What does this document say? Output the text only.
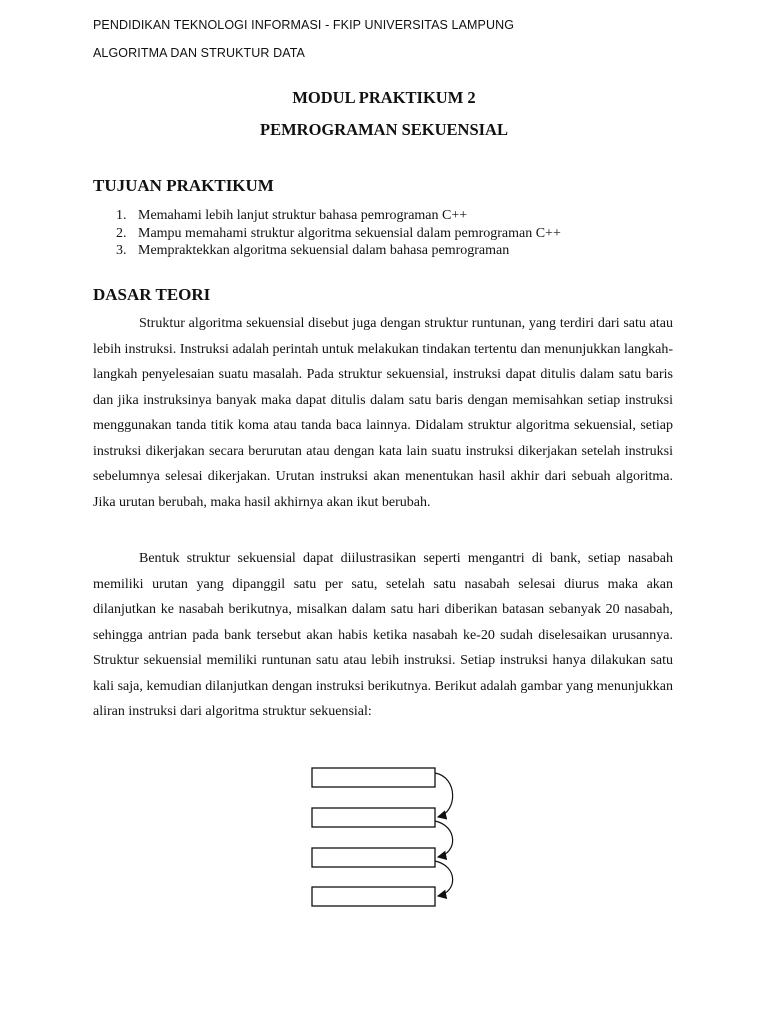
PENDIDIKAN TEKNOLOGI INFORMASI - FKIP UNIVERSITAS LAMPUNG
ALGORITMA DAN STRUKTUR DATA
MODUL PRAKTIKUM 2
PEMROGRAMAN SEKUENSIAL
TUJUAN PRAKTIKUM
1. Memahami lebih lanjut struktur bahasa pemrograman C++
2. Mampu memahami struktur algoritma sekuensial dalam pemrograman C++
3. Mempraktekkan algoritma sekuensial dalam bahasa pemrograman
DASAR TEORI

Struktur algoritma sekuensial disebut juga dengan struktur runtunan, yang terdiri dari satu atau lebih instruksi. Instruksi adalah perintah untuk melakukan tindakan tertentu dan menunjukkan langkah-langkah penyelesaian suatu masalah. Pada struktur sekuensial, instruksi dapat ditulis dalam satu baris dan jika instruksinya banyak maka dapat ditulis dalam satu baris dengan memisahkan setiap instruksi menggunakan tanda titik koma atau tanda baca lainnya. Didalam struktur algoritma sekuensial, setiap instruksi dikerjakan secara berurutan atau dengan kata lain suatu instruksi dikerjakan setelah instruksi sebelumnya selesai dikerjakan. Urutan instruksi akan menentukan hasil akhir dari sebuah algoritma. Jika urutan berubah, maka hasil akhirnya akan ikut berubah.

Bentuk struktur sekuensial dapat diilustrasikan seperti mengantri di bank, setiap nasabah memiliki urutan yang dipanggil satu per satu, setelah satu nasabah selesai diurus maka akan dilanjutkan ke nasabah berikutnya, misalkan dalam satu hari diberikan batasan sebanyak 20 nasabah, sehingga antrian pada bank tersebut akan habis ketika nasabah ke-20 sudah diselesaikan urusannya. Struktur sekuensial memiliki runtunan satu atau lebih instruksi. Setiap instruksi hanya dilakukan satu kali saja, kemudian dilanjutkan dengan instruksi berikutnya. Berikut adalah gambar yang menunjukkan aliran instruksi dari algoritma struktur sekuensial:
